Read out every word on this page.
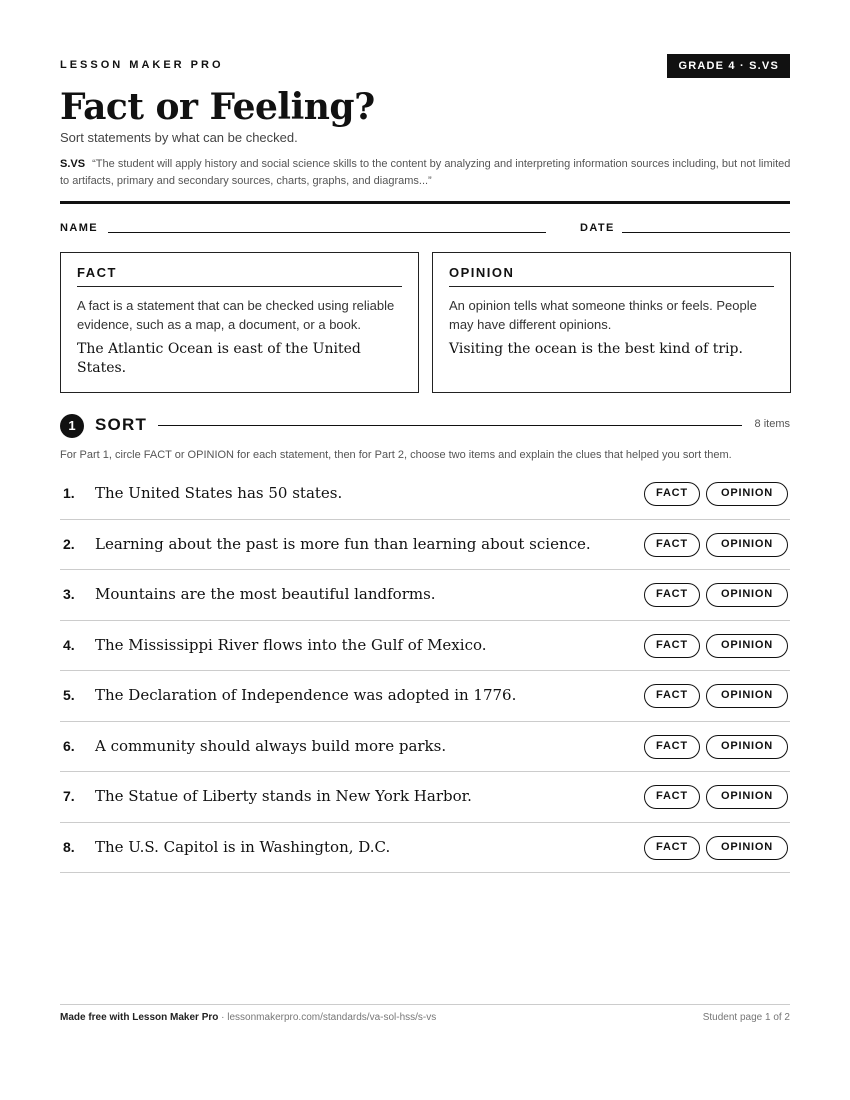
LESSON MAKER PRO	GRADE 4 · S.VS
Fact or Feeling?
Sort statements by what can be checked.
S.VS “The student will apply history and social science skills to the content by analyzing and interpreting information sources including, but not limited to artifacts, primary and secondary sources, charts, graphs, and diagrams...”
NAME	DATE
FACT

A fact is a statement that can be checked using reliable evidence, such as a map, a document, or a book.

The Atlantic Ocean is east of the United States.

OPINION

An opinion tells what someone thinks or feels. People may have different opinions.

Visiting the ocean is the best kind of trip.

1	SORT	8 items
For Part 1, circle FACT or OPINION for each statement, then for Part 2, choose two items and explain the clues that helped you sort them.
1. The United States has 50 states.	FACT	OPINION
2. Learning about the past is more fun than learning about science.	FACT	OPINION
3. Mountains are the most beautiful landforms.	FACT	OPINION
4. The Mississippi River flows into the Gulf of Mexico.	FACT	OPINION
5. The Declaration of Independence was adopted in 1776.	FACT	OPINION
6. A community should always build more parks.	FACT	OPINION
7. The Statue of Liberty stands in New York Harbor.	FACT	OPINION
8. The U.S. Capitol is in Washington, D.C.	FACT	OPINION
Made free with Lesson Maker Pro · lessonmakerpro.com/standards/va-sol-hss/s-vs	Student page 1 of 2
